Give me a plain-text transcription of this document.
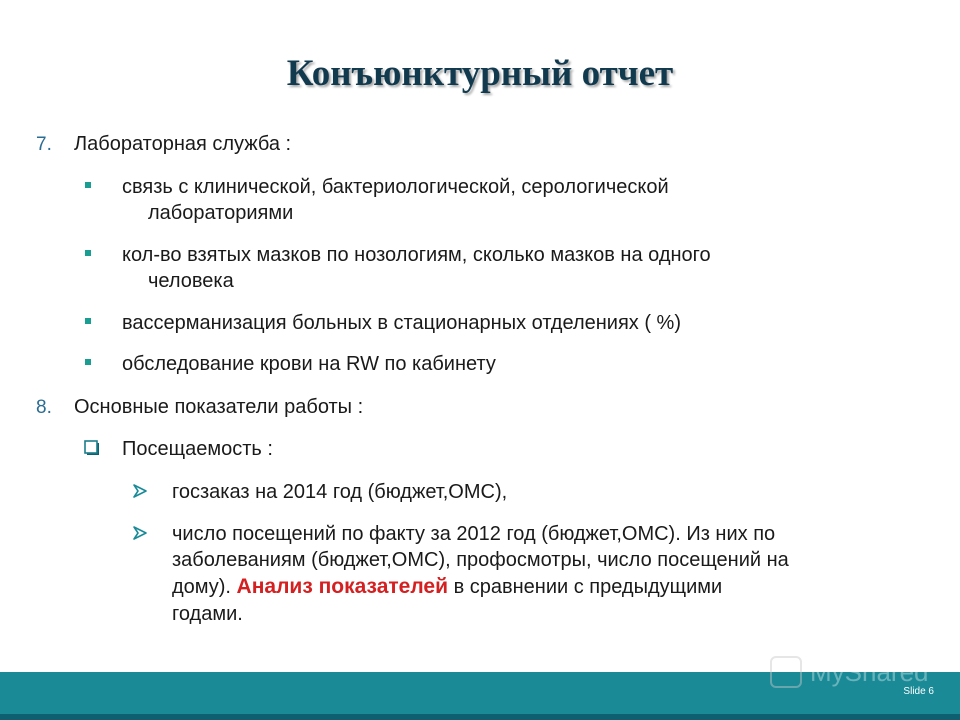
Конъюнктурный отчет
7. Лабораторная служба :
связь с клинической, бактериологической, серологической
лабораториями
кол-во взятых мазков по нозологиям, сколько мазков на одного
человека
вассерманизация больных в стационарных отделениях ( %)
обследование крови на RW по кабинету
8. Основные показатели работы :
Посещаемость :
госзаказ на 2014 год (бюджет,ОМС),
число посещений по факту за 2012 год (бюджет,ОМС). Из них по
заболеваниям (бюджет,ОМС), профосмотры, число посещений на
дому). Анализ показателей в сравнении с предыдущими
годами.
MyShared
Slide 6
